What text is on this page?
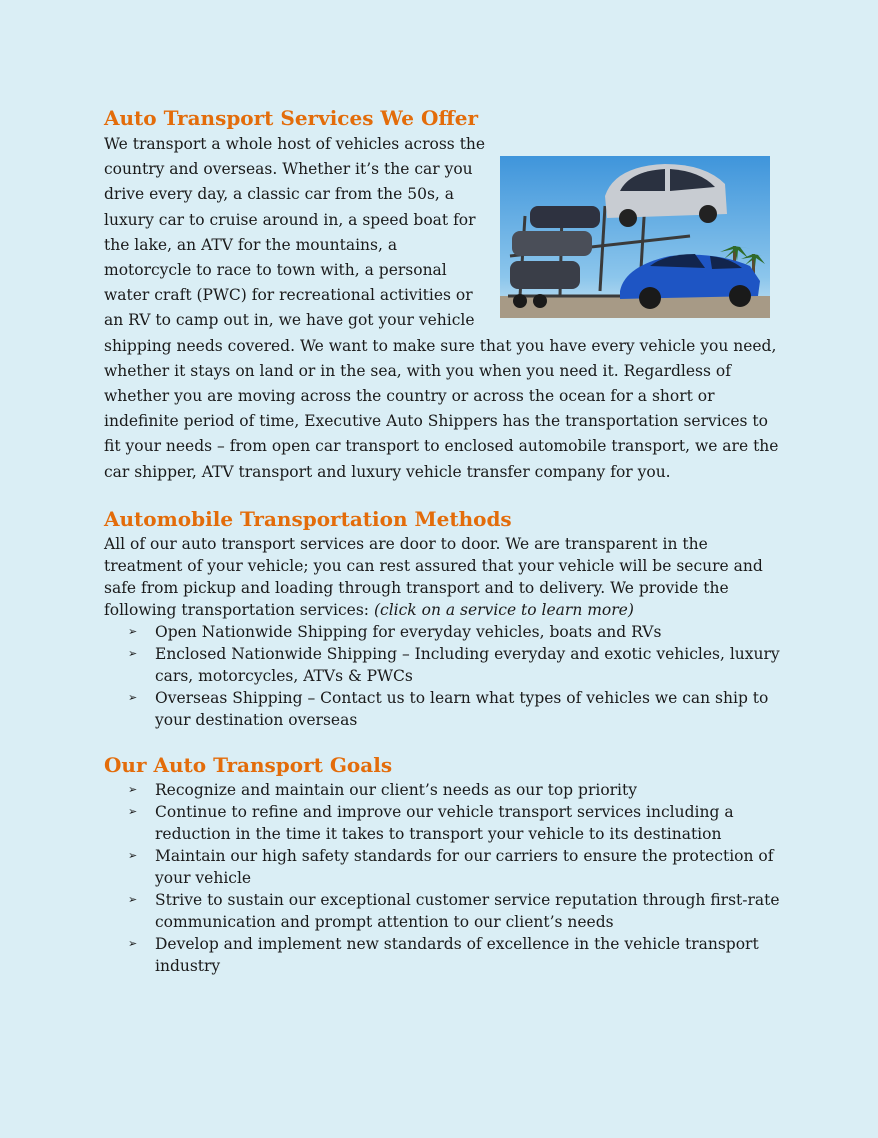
Auto Transport Services We Offer

We transport a whole host of vehicles across the country and overseas. Whether it’s the car you drive every day, a classic car from the 50s, a luxury car to cruise around in, a speed boat for the lake, an ATV for the mountains, a motorcycle to race to town with, a personal water craft (PWC) for recreational activities or an RV to camp out in, we have got your vehicle shipping needs covered. We want to make sure that you have every vehicle you need, whether it stays on land or in the sea, with you when you need it. Regardless of whether you are moving across the country or across the ocean for a short or indefinite period of time, Executive Auto Shippers has the transportation services to fit your needs – from open car transport to enclosed automobile transport, we are the car shipper, ATV transport and luxury vehicle transfer company for you.

Automobile Transportation Methods

All of our auto transport services are door to door. We are transparent in the treatment of your vehicle; you can rest assured that your vehicle will be secure and safe from pickup and loading through transport and to delivery. We provide the following transportation services: (click on a service to learn more)

➢ Open Nationwide Shipping for everyday vehicles, boats and RVs
➢ Enclosed Nationwide Shipping – Including everyday and exotic vehicles, luxury cars, motorcycles, ATVs & PWCs
➢ Overseas Shipping – Contact us to learn what types of vehicles we can ship to your destination overseas
Our Auto Transport Goals
➢ Recognize and maintain our client’s needs as our top priority
➢ Continue to refine and improve our vehicle transport services including a reduction in the time it takes to transport your vehicle to its destination
➢ Maintain our high safety standards for our carriers to ensure the protection of your vehicle
➢ Strive to sustain our exceptional customer service reputation through first-rate communication and prompt attention to our client’s needs
➢ Develop and implement new standards of excellence in the vehicle transport industry
